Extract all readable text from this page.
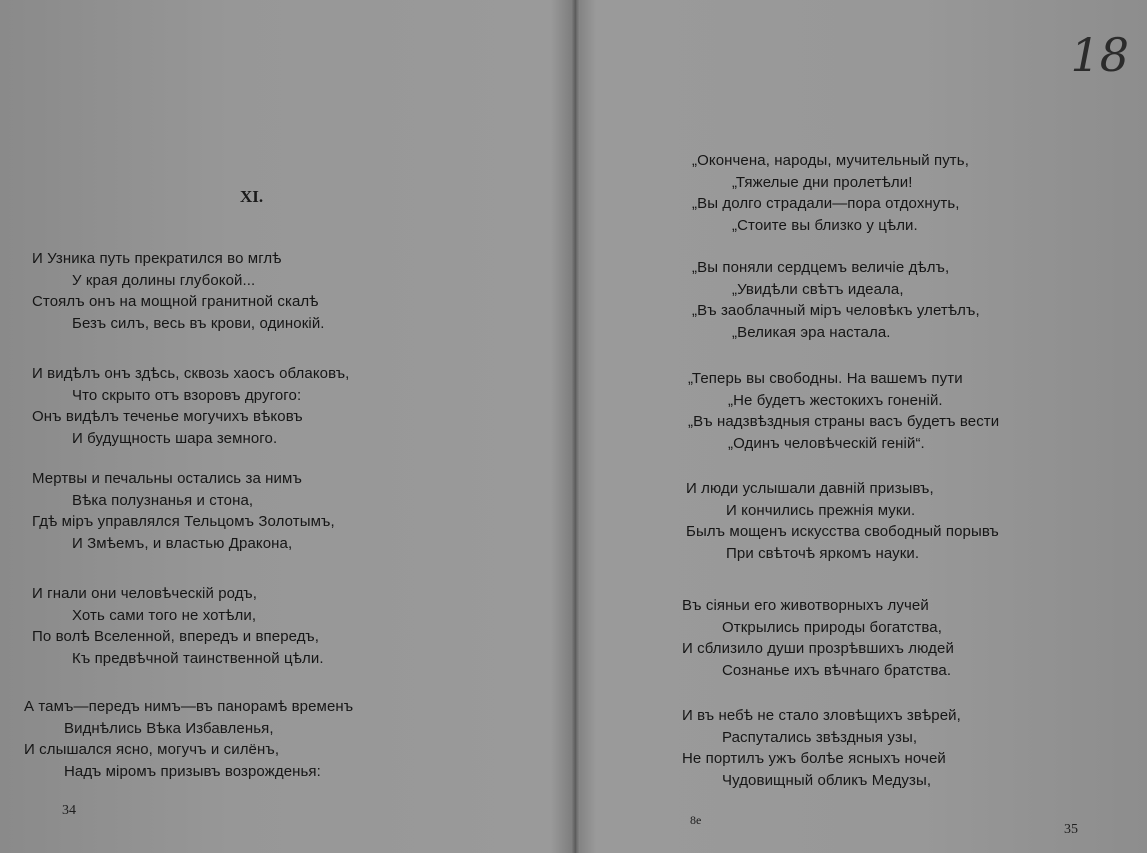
XI.
И Узника путь прекратился во мглѣ
У края долины глубокой...
Стоялъ онъ на мощной гранитной скалѣ
Безъ силъ, весь въ крови, одинокій.
И видѣлъ онъ здѣсь, сквозь хаосъ облаковъ,
Что скрыто отъ взоровъ другого:
Онъ видѣлъ теченье могучихъ вѣковъ
И будущность шара земного.
Мертвы и печальны остались за нимъ
Вѣка полузнанья и стона,
Гдѣ міръ управлялся Тельцомъ Золотымъ,
И Змѣемъ, и властью Дракона,
И гнали они человѣческій родъ,
Хоть сами того не хотѣли,
По волѣ Вселенной, впередъ и впередъ,
Къ предвѣчной таинственной цѣли.
А тамъ—передъ нимъ—въ панорамѣ временъ
Виднѣлись Вѣка Избавленья,
И слышался ясно, могучъ и силёнъ,
Надъ міромъ призывъ возрожденья:
34
18
„Окончена, народы, мучительный путь,
„Тяжелые дни пролетѣли!
„Вы долго страдали—пора отдохнуть,
„Стоите вы близко у цѣли.
„Вы поняли сердцемъ величіе дѣлъ,
„Увидѣли свѣтъ идеала,
„Въ заоблачный міръ человѣкъ улетѣлъ,
„Великая эра настала.
„Теперь вы свободны. На вашемъ пути
„Не будетъ жестокихъ гоненій.
„Въ надзвѣздныя страны васъ будетъ вести
„Одинъ человѣческій геній“.
И люди услышали давній призывъ,
И кончились прежнія муки.
Былъ мощенъ искусства свободный порывъ
При свѣточѣ яркомъ науки.
Въ сіяньи его животворныхъ лучей
Открылись природы богатства,
И сблизило души прозрѣвшихъ людей
Сознанье ихъ вѣчнаго братства.
И въ небѣ не стало зловѣщихъ звѣрей,
Распутались звѣздныя узы,
Не портилъ ужъ болѣе ясныхъ ночей
Чудовищный обликъ Медузы,
8е
35
